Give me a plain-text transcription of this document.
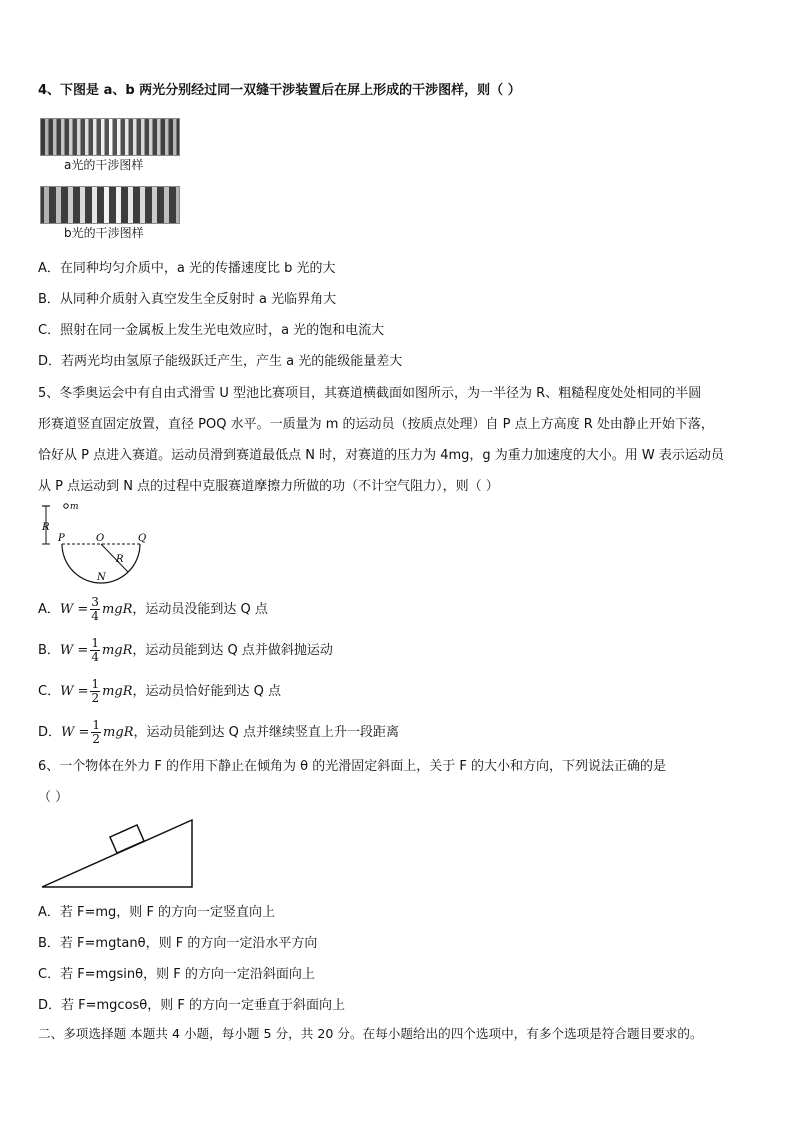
4、下图是 a、b 两光分别经过同一双缝干涉装置后在屏上形成的干涉图样，则（ ）
a光的干涉图样
b光的干涉图样
A．在同种均匀介质中，a 光的传播速度比 b 光的大
B．从同种介质射入真空发生全反射时 a 光临界角大
C．照射在同一金属板上发生光电效应时，a 光的饱和电流大
D．若两光均由氢原子能级跃迁产生，产生 a 光的能级能量差大
5、冬季奥运会中有自由式滑雪 U 型池比赛项目，其赛道横截面如图所示，为一半径为 R、粗糙程度处处相同的半圆
形赛道竖直固定放置，直径 POQ 水平。一质量为 m 的运动员（按质点处理）自 P 点上方高度 R 处由静止开始下落，
恰好从 P 点进入赛道。运动员滑到赛道最低点 N 时，对赛道的压力为 4mg，g 为重力加速度的大小。用 W 表示运动员
从 P 点运动到 N 点的过程中克服赛道摩擦力所做的功（不计空气阻力），则（ ）
R
m
P	O	Q
R
N
A．$W = \frac{3}{4}$ mgR，运动员没能到达 Q 点
B．$W = \frac{1}{4}$ mgR，运动员能到达 Q 点并做斜抛运动
C．$W = \frac{1}{2}$ mgR，运动员恰好能到达 Q 点
D．$W = \frac{1}{2}$ mgR，运动员能到达 Q 点并继续竖直上升一段距离
6、一个物体在外力 F 的作用下静止在倾角为 θ 的光滑固定斜面上，关于 F 的大小和方向，下列说法正确的是
（ ）
A．若 F=mg，则 F 的方向一定竖直向上
B．若 F=mgtanθ，则 F 的方向一定沿水平方向
C．若 F=mgsinθ，则 F 的方向一定沿斜面向上
D．若 F=mgcosθ，则 F 的方向一定垂直于斜面向上
二、多项选择题 本题共 4 小题，每小题 5 分，共 20 分。在每小题给出的四个选项中，有多个选项是符合题目要求的。
